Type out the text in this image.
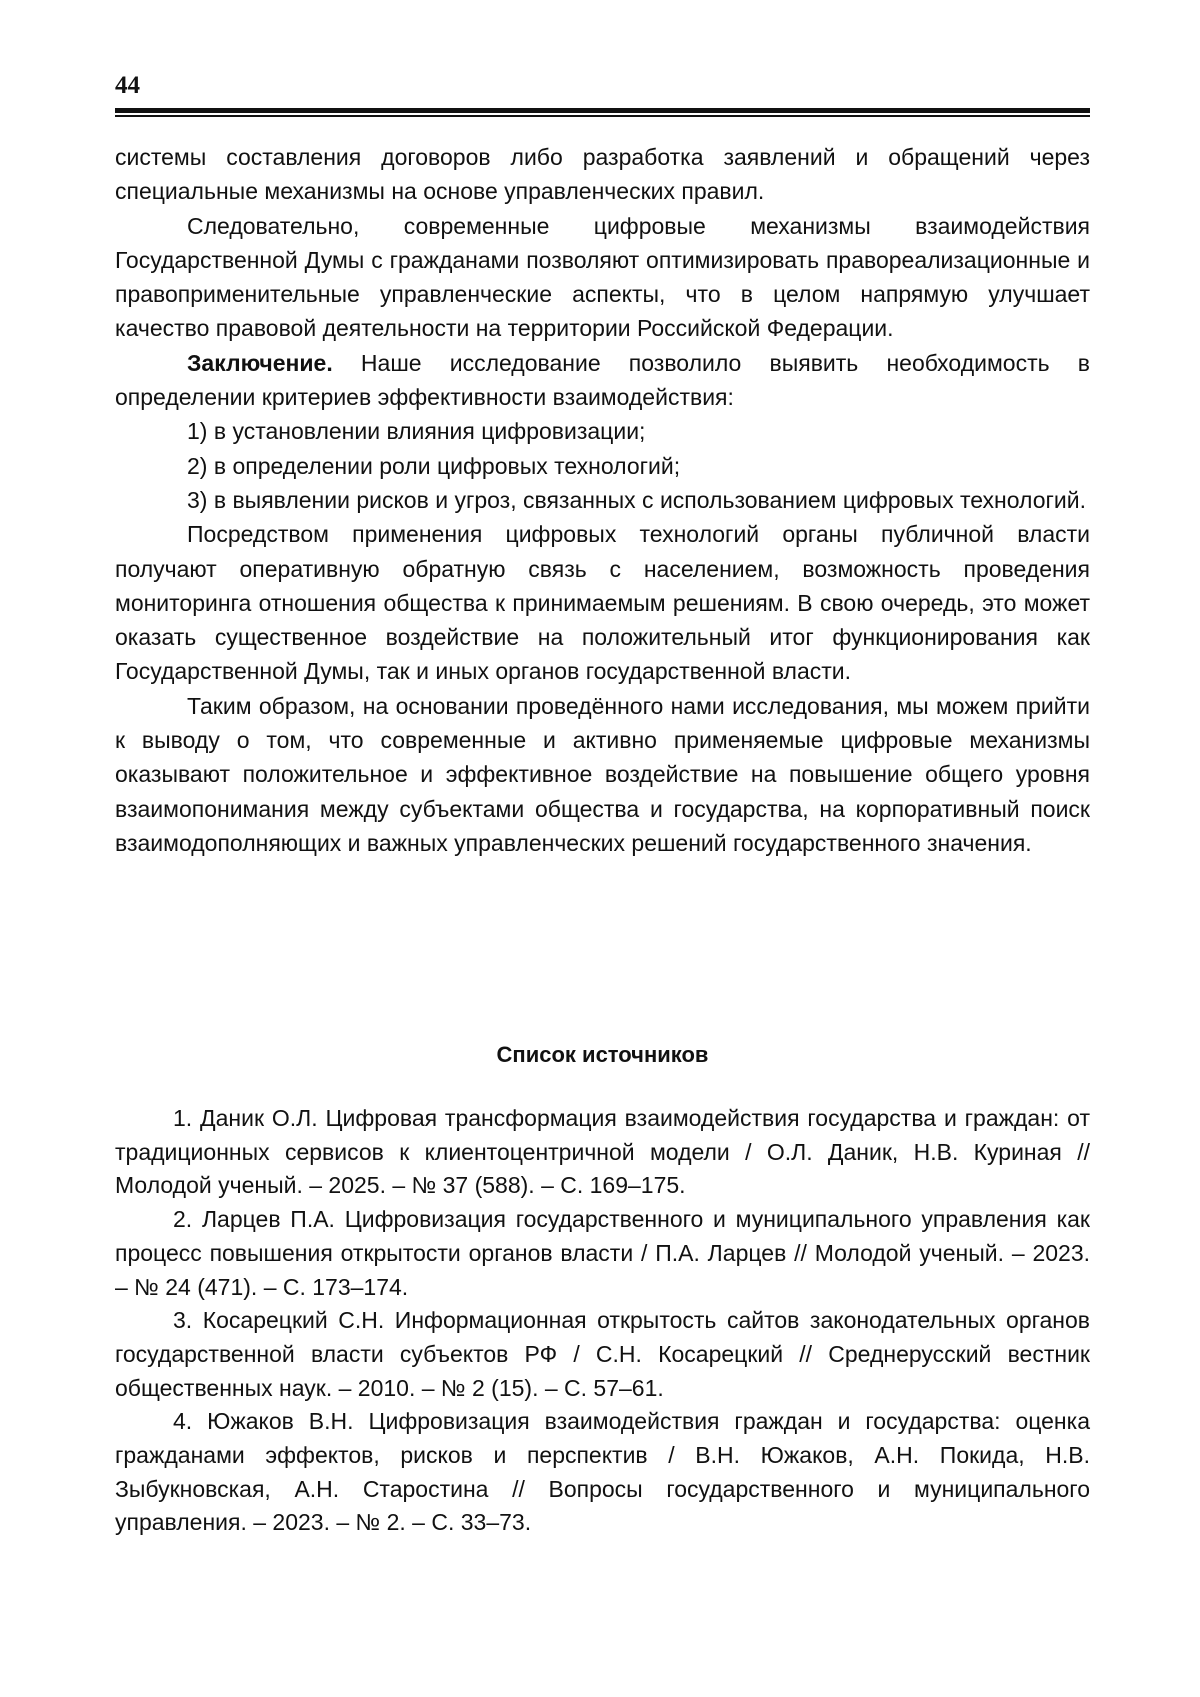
44

системы составления договоров либо разработка заявлений и обращений через специальные механизмы на основе управленческих правил.

Следовательно, современные цифровые механизмы взаимодействия Государственной Думы с гражданами позволяют оптимизировать правореализационные и правоприменительные управленческие аспекты, что в целом напрямую улучшает качество правовой деятельности на территории Российской Федерации.

Заключение. Наше исследование позволило выявить необходимость в определении критериев эффективности взаимодействия:

1) в установлении влияния цифровизации;

2) в определении роли цифровых технологий;

3) в выявлении рисков и угроз, связанных с использованием цифровых технологий.

Посредством применения цифровых технологий органы публичной власти получают оперативную обратную связь с населением, возможность проведения мониторинга отношения общества к принимаемым решениям. В свою очередь, это может оказать существенное воздействие на положительный итог функционирования как Государственной Думы, так и иных органов государственной власти.

Таким образом, на основании проведённого нами исследования, мы можем прийти к выводу о том, что современные и активно применяемые цифровые механизмы оказывают положительное и эффективное воздействие на повышение общего уровня взаимопонимания между субъектами общества и государства, на корпоративный поиск взаимодополняющих и важных управленческих решений государственного значения.

Список источников

1. Даник О.Л. Цифровая трансформация взаимодействия государства и граждан: от традиционных сервисов к клиентоцентричной модели / О.Л. Даник, Н.В. Куриная // Молодой ученый. – 2025. – № 37 (588). – С. 169–175.

2. Ларцев П.А. Цифровизация государственного и муниципального управления как процесс повышения открытости органов власти / П.А. Ларцев // Молодой ученый. – 2023. – № 24 (471). – С. 173–174.

3. Косарецкий С.Н. Информационная открытость сайтов законодательных органов государственной власти субъектов РФ / С.Н. Косарецкий // Среднерусский вестник общественных наук. – 2010. – № 2 (15). – С. 57–61.

4. Южаков В.Н. Цифровизация взаимодействия граждан и государства: оценка гражданами эффектов, рисков и перспектив / В.Н. Южаков, А.Н. Покида, Н.В. Зыбукновская, А.Н. Старостина // Вопросы государственного и муниципального управления. – 2023. – № 2. – С. 33–73.
